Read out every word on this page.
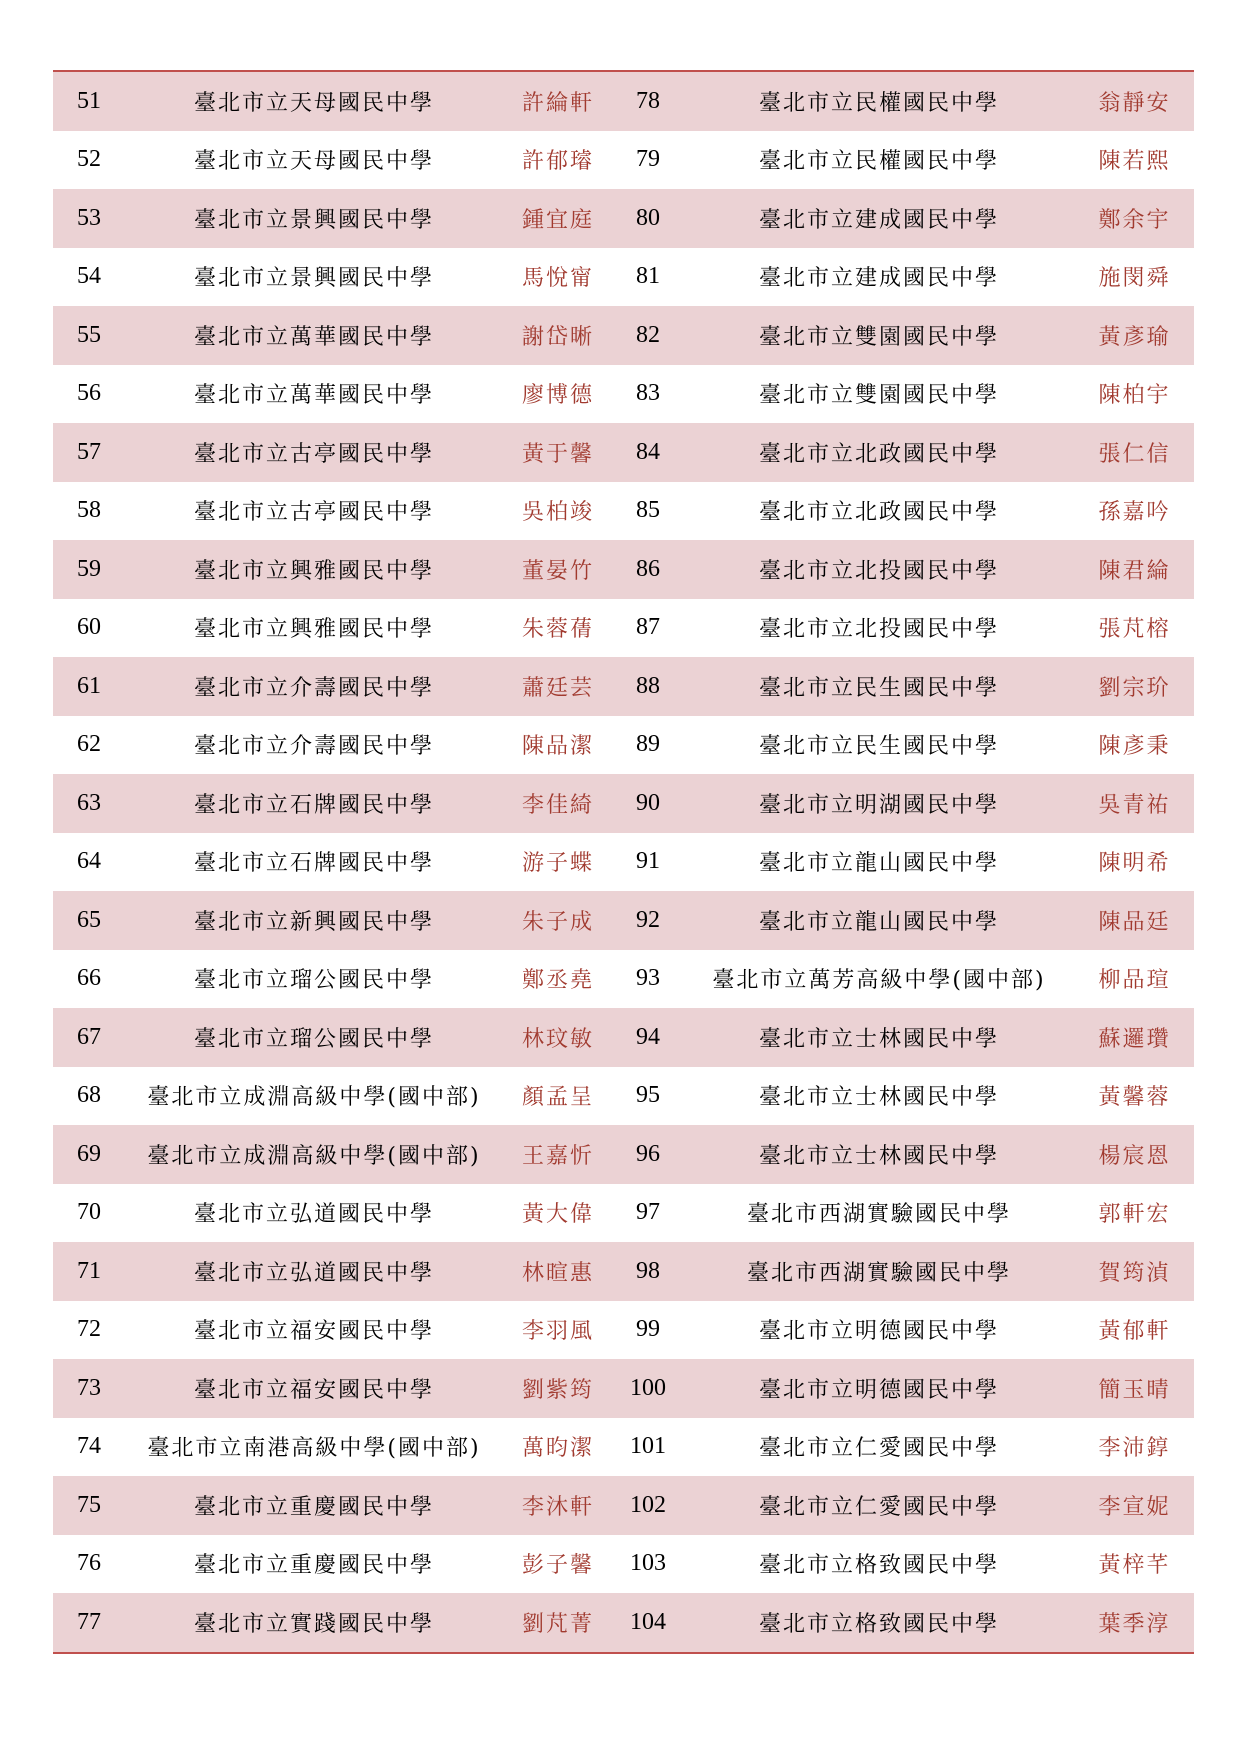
51	臺北市立天母國民中學	許綸軒	78	臺北市立民權國民中學	翁靜安
52	臺北市立天母國民中學	許郁璿	79	臺北市立民權國民中學	陳若熙
53	臺北市立景興國民中學	鍾宜庭	80	臺北市立建成國民中學	鄭余宇
54	臺北市立景興國民中學	馬悅甯	81	臺北市立建成國民中學	施閔舜
55	臺北市立萬華國民中學	謝岱晰	82	臺北市立雙園國民中學	黃彥瑜
56	臺北市立萬華國民中學	廖博德	83	臺北市立雙園國民中學	陳柏宇
57	臺北市立古亭國民中學	黃于馨	84	臺北市立北政國民中學	張仁信
58	臺北市立古亭國民中學	吳柏竣	85	臺北市立北政國民中學	孫嘉吟
59	臺北市立興雅國民中學	董晏竹	86	臺北市立北投國民中學	陳君綸
60	臺北市立興雅國民中學	朱蓉蒨	87	臺北市立北投國民中學	張芃榕
61	臺北市立介壽國民中學	蕭廷芸	88	臺北市立民生國民中學	劉宗玠
62	臺北市立介壽國民中學	陳品潔	89	臺北市立民生國民中學	陳彥秉
63	臺北市立石牌國民中學	李佳綺	90	臺北市立明湖國民中學	吳青祐
64	臺北市立石牌國民中學	游子蝶	91	臺北市立龍山國民中學	陳明希
65	臺北市立新興國民中學	朱子成	92	臺北市立龍山國民中學	陳品廷
66	臺北市立瑠公國民中學	鄭丞堯	93	臺北市立萬芳高級中學(國中部)	柳品瑄
67	臺北市立瑠公國民中學	林玟敏	94	臺北市立士林國民中學	蘇邏瓚
68	臺北市立成淵高級中學(國中部)	顏孟呈	95	臺北市立士林國民中學	黃馨蓉
69	臺北市立成淵高級中學(國中部)	王嘉忻	96	臺北市立士林國民中學	楊宸恩
70	臺北市立弘道國民中學	黃大偉	97	臺北市西湖實驗國民中學	郭軒宏
71	臺北市立弘道國民中學	林暄惠	98	臺北市西湖實驗國民中學	賀筠湞
72	臺北市立福安國民中學	李羽風	99	臺北市立明德國民中學	黃郁軒
73	臺北市立福安國民中學	劉紫筠	100	臺北市立明德國民中學	簡玉晴
74	臺北市立南港高級中學(國中部)	萬昀潔	101	臺北市立仁愛國民中學	李沛錞
75	臺北市立重慶國民中學	李沐軒	102	臺北市立仁愛國民中學	李宣妮
76	臺北市立重慶國民中學	彭子馨	103	臺北市立格致國民中學	黃梓芊
77	臺北市立實踐國民中學	劉芃菁	104	臺北市立格致國民中學	葉季淳
